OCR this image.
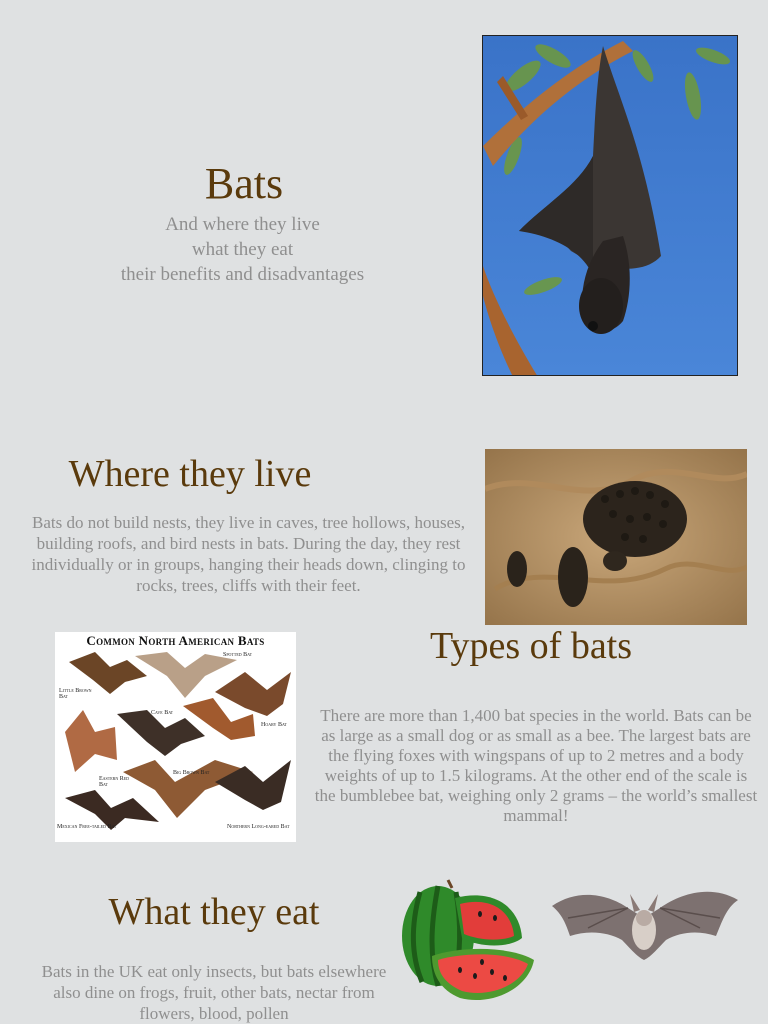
Bats
And where they live
what they eat
their benefits and disadvantages
Where they live

Bats do not build nests, they live in caves, tree hollows, houses, building roofs, and bird nests in bats. During the day, they rest individually or in groups, hanging their heads down, clinging to rocks, trees, cliffs with their feet.

Common North American Bats
Spotted Bat
Little Brown Bat
Cave Bat
Hoary Bat
Big Brown Bat
Eastern Red Bat
Mexican Free-tailed Bat	Northern Long-eared Bat
Types of bats

There are more than 1,400 bat species in the world. Bats can be as large as a small dog or as small as a bee. The largest bats are the flying foxes with wingspans of up to 2 metres and a body weights of up to 1.5 kilograms. At the other end of the scale is the bumblebee bat, weighing only 2 grams – the world’s smallest mammal!

What they eat

Bats in the UK eat only insects, but bats elsewhere also dine on frogs, fruit, other bats, nectar from flowers, blood, pollen
